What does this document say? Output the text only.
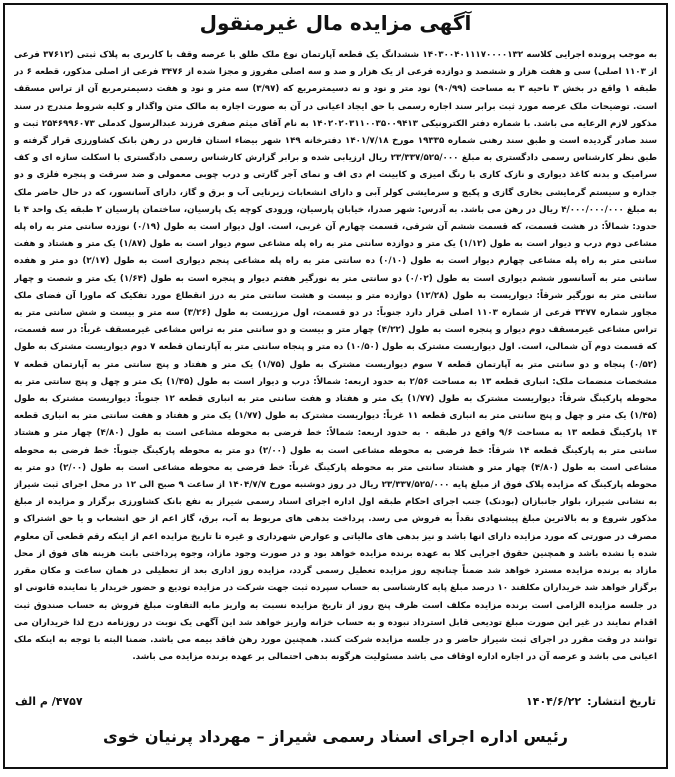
آگهی مزایده مال غیرمنقول
به موجب پرونده اجرایی کلاسه ۱۴۰۳۰۰۴۰۱۱۱۷۰۰۰۰۱۳۲ ششدانگ یک قطعه آپارتمان نوع ملک طلق با عرصه وقف با کاربری به پلاک ثبتی (۳۷۶۱۲ فرعی از ۱۱۰۳ اصلی) سی و هفت هزار و ششصد و دوازده فرعی از یک هزار و صد و سه اصلی مفروز و مجزا شده از ۳۴۷۶ فرعی از اصلی مذکور، قطعه ۶ در طبقه ۱ واقع در بخش ۳ ناحیه ۳ به مساحت (۹۰/۹۹) نود متر و نود و نه دسیمترمربع که (۳/۹۷) سه متر و نود و هفت دسیمترمربع آن از تراس مسقف است. توضیحات ملک عرصه مورد ثبت برابر سند اجاره رسمی با حق ایجاد اعیانی در آن به صورت اجاره به مالک متن واگذار و کلیه شروط مندرج در سند مذکور لازم الرعایه می باشد. با شماره دفتر الکترونیکی ۱۴۰۲۰۲۰۳۱۱۰۰۳۵۰۰۹۴۱۳ به نام آقای میثم صفری فرزند عبدالرسول کدملی ۲۵۴۶۹۹۶۰۷۳ ثبت و سند صادر گردیده است و طبق سند رهنی شماره ۱۹۳۳۵ مورخ ۱۴۰۱/۷/۱۸ دفترخانه ۱۴۹ شهر بیضاء استان فارس در رهن بانک کشاورزی قرار گرفته و طبق نظر کارشناس رسمی دادگستری به مبلغ ۲۳/۳۳۷/۵۲۵/۰۰۰ ریال ارزیابی شده و برابر گزارش کارشناس رسمی دادگستری با اسکلت سازه ای و کف سرامیک و بدنه کاغذ دیواری و نازک کاری با رنگ امیزی و کابینت ام دی اف و نمای آجر گارتی و درب چوبی معمولی و ضد سرقت و پنجره فلزی و دو جداره و سیستم گرمایشی بخاری گازی و پکیج و سرمایشی کولر آبی و دارای انشعابات زیرنایی آب و برق و گاز، دارای آسانسور، که در حال حاضر ملک به مبلغ ۴/۰۰۰/۰۰۰/۰۰۰ ریال در رهن می باشد. به آدرس: شهر صدرا، خیابان پارسیان، ورودی کوچه یک پارسیان، ساختمان پارسیان ۲ طبقه یک واحد ۴ با حدود: شمالاً: در هشت قسمت، که قسمت ششم آن شرقی، قسمت چهارم آن غربی، است. اول دیوار است به طول (۰/۱۹) نوزده سانتی متر به راه پله مشاعی دوم درب و دیوار است به طول (۱/۱۲) یک متر و دوازده سانتی متر به راه پله مشاعی سوم دیوار است به طول (۱/۸۷) یک متر و هشتاد و هفت سانتی متر به راه پله مشاعی چهارم دیوار است به طول (۰/۱۰) ده سانتی متر به راه پله مشاعی پنجم دیواری است به طول (۲/۱۷) دو متر و هفده سانتی متر به آسانسور ششم دیواری است به طول (۰/۰۲) دو سانتی متر به نورگیر هفتم دیوار و پنجره است به طول (۱/۶۴) یک متر و شصت و چهار سانتی متر به نورگیر شرقاً: دیواریست به طول (۱۲/۲۸) دوازده متر و بیست و هشت سانتی متر به درز انقطاع مورد تفکیک که ماورا آن فضای ملک مجاور شماره ۳۴۷۷ فرعی از شماره ۱۱۰۳ اصلی قرار دارد جنوباً: در دو قسمت، اول مرزیست به طول (۳/۲۶) سه متر و بیست و شش سانتی متر به تراس مشاعی غیرمسقف دوم دیوار و پنجره است به طول (۴/۲۲) چهار متر و بیست و دو سانتی متر به تراس مشاعی غیرمسقف غرباً: در سه قسمت، که قسمت دوم آن شمالی، است. اول دیواریست مشترک به طول (۱۰/۵۰) ده متر و پنجاه سانتی متر به آپارتمان قطعه ۷ دوم دیواریست مشترک به طول (۰/۵۲) پنجاه و دو سانتی متر به آپارتمان قطعه ۷ سوم دیواریست مشترک به طول (۱/۷۵) یک متر و هفتاد و پنج سانتی متر به آپارتمان قطعه ۷ مشخصات منضمات ملک: انباری قطعه ۱۳ به مساحت ۲/۵۶ به حدود اربعه: شمالاً: درب و دیوار است به طول (۱/۴۵) یک متر و چهل و پنج سانتی متر به محوطه پارکینگ شرقاً: دیواریست مشترک به طول (۱/۷۷) یک متر و هفتاد و هفت سانتی متر به انباری قطعه ۱۲ جنوباً: دیواریست مشترک به طول (۱/۴۵) یک متر و چهل و پنج سانتی متر به انباری قطعه ۱۱ غرباً: دیواریست مشترک به طول (۱/۷۷) یک متر و هفتاد و هفت سانتی متر به انباری قطعه ۱۴ پارکینگ قطعه ۱۳ به مساحت ۹/۶ واقع در طبقه ۰ به حدود اربعه: شمالاً: خط فرضی به محوطه مشاعی است به طول (۴/۸۰) چهار متر و هشتاد سانتی متر به پارکینگ قطعه ۱۴ شرقاً: خط فرضی به محوطه مشاعی است به طول (۲/۰۰) دو متر به محوطه پارکینگ جنوباً: خط فرضی به محوطه مشاعی است به طول (۴/۸۰) چهار متر و هشتاد سانتی متر به محوطه پارکینگ غرباً: خط فرضی به محوطه مشاعی است به طول (۲/۰۰) دو متر به محوطه پارکینگ که مزایده پلاک فوق از مبلغ پایه ۲۳/۳۳۷/۵۲۵/۰۰۰ ریال در روز دوشنبه مورخ ۱۴۰۴/۷/۷ از ساعت ۹ صبح الی ۱۲ در محل اجرای ثبت شیراز به نشانی شیراز، بلوار جانبازان (بودنک) جنب اجرای احکام طبقه اول اداره اجرای اسناد رسمی شیراز به نفع بانک کشاورزی برگزار و مزایده از مبلغ مذکور شروع و به بالاترین مبلغ پیشنهادی نقداً به فروش می رسد. پرداخت بدهی های مربوط به آب، برق، گاز اعم از حق انشعاب و یا حق اشتراک و مصرف در صورتی که مورد مزایده دارای انها باشد و نیز بدهی های مالیاتی و عوارض شهرداری و غیره تا تاریخ مزایده اعم از اینکه رقم قطعی آن معلوم شده یا نشده باشد و همچنین حقوق اجرایی کلا به عهده برنده مزایده خواهد بود و در صورت وجود مازاد، وجوه پرداختی بابت هزینه های فوق از محل مازاد به برنده مزایده مسترد خواهد شد ضمناً چنانچه روز مزایده تعطیل رسمی گردد، مزایده روز اداری بعد از تعطیلی در همان ساعت و مکان مقرر برگزار خواهد شد خریداران مکلفند ۱۰ درصد مبلغ پایه کارشناسی به حساب سپرده ثبت جهت شرکت در مزایده تودیع و حضور خریدار یا نماینده قانونی او در جلسه مزایده الزامی است برنده مزایده مکلف است ظرف پنج روز از تاریخ مزایده نسبت به واریز مابه التفاوت مبلغ فروش به حساب صندوق ثبت اقدام نمایند در غیر این صورت مبلغ تودیعی قابل استرداد نبوده و به حساب خزانه واریز خواهد شد این آگهی یک نوبت در روزنامه درج لذا خریداران می توانند در وقت مقرر در اجرای ثبت شیراز حاضر و در جلسه مزایده شرکت کنند. همچنین مورد رهن فاقد بیمه می باشد. ضمنا البته با توجه به اینکه ملک اعیانی می باشد و عرصه آن در اجاره اداره اوقاف می باشد مسئولیت هرگونه بدهی احتمالی بر عهده برنده مزایده می باشد.
تاریخ انتشار:۱۴۰۴/۶/۲۲
۴۷۵۷/ م الف
رئیس اداره اجرای اسناد رسمی شیراز – مهرداد پرنیان خوی
